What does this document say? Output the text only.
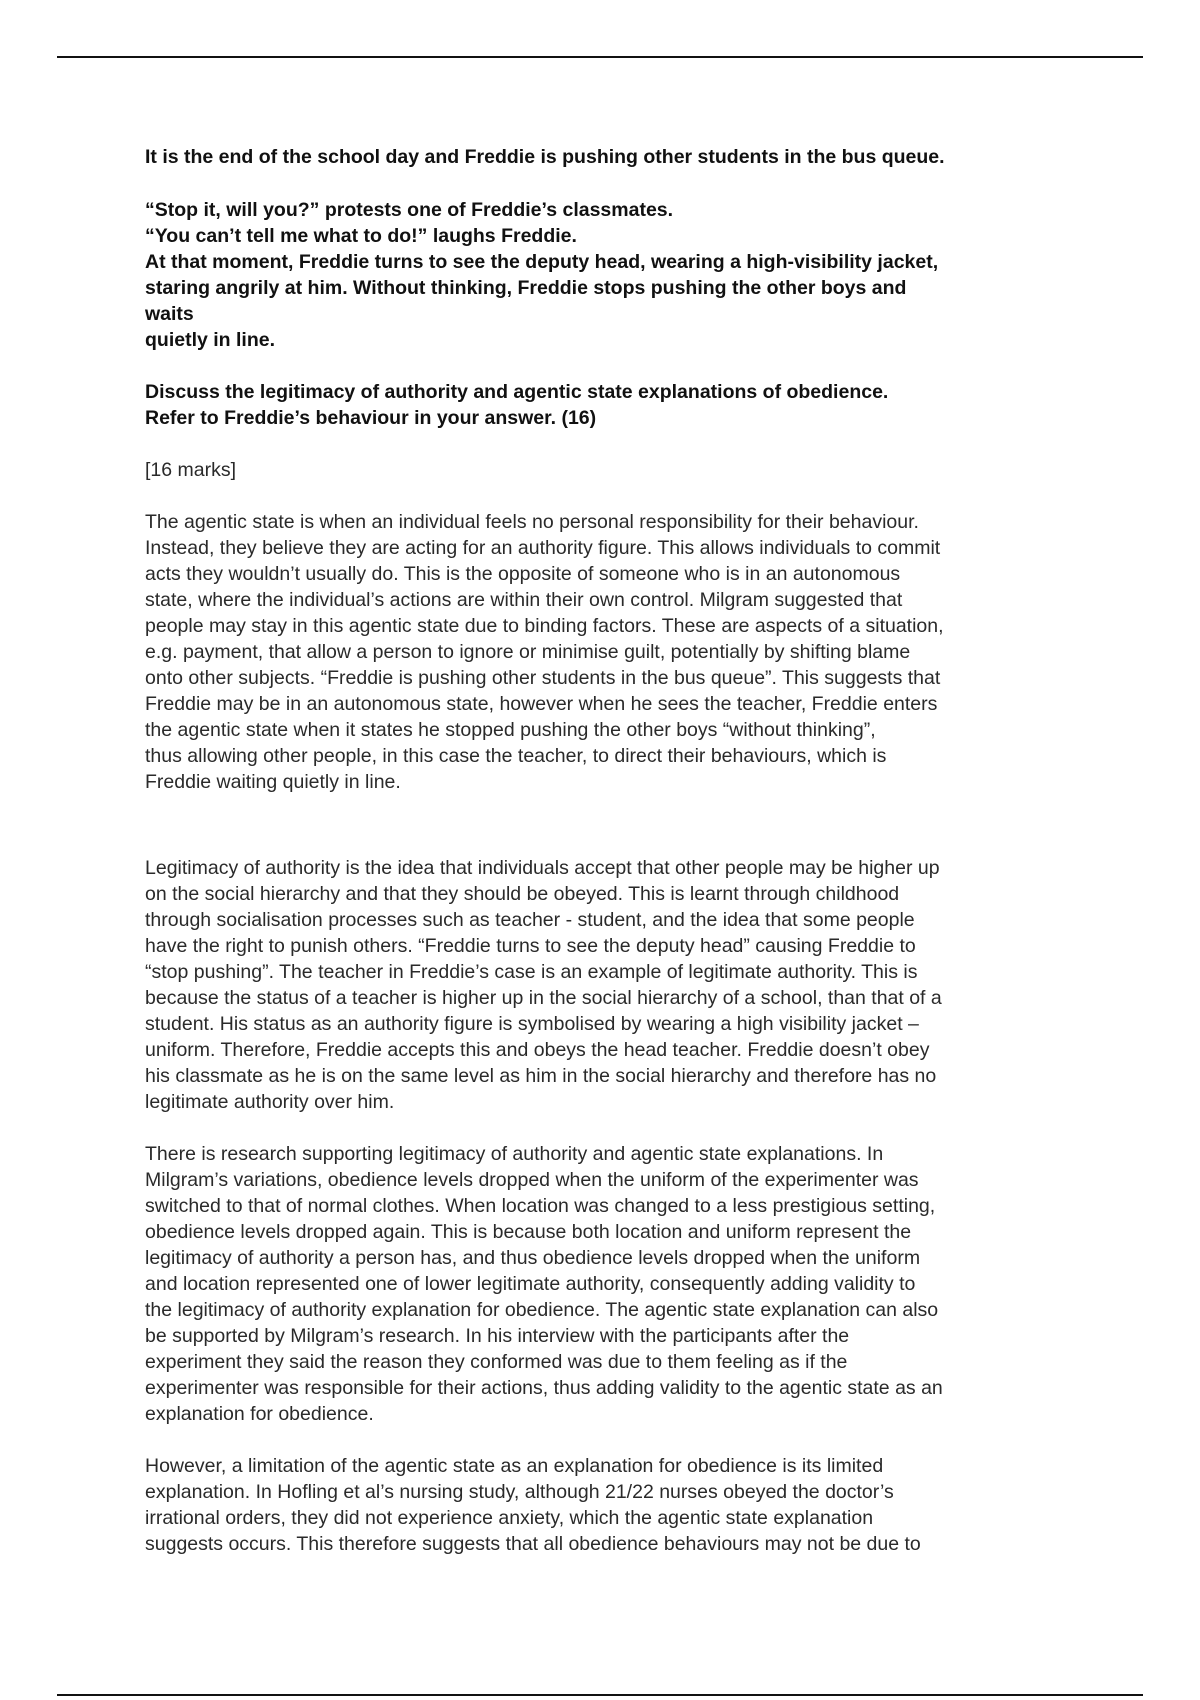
It is the end of the school day and Freddie is pushing other students in the bus queue.
“Stop it, will you?” protests one of Freddie’s classmates.
“You can’t tell me what to do!” laughs Freddie.
At that moment, Freddie turns to see the deputy head, wearing a high-visibility jacket,
staring angrily at him. Without thinking, Freddie stops pushing the other boys and
waits
quietly in line.
Discuss the legitimacy of authority and agentic state explanations of obedience.
Refer to Freddie’s behaviour in your answer. (16)
[16 marks]
The agentic state is when an individual feels no personal responsibility for their behaviour.
Instead, they believe they are acting for an authority figure. This allows individuals to commit
acts they wouldn’t usually do. This is the opposite of someone who is in an autonomous
state, where the individual’s actions are within their own control. Milgram suggested that
people may stay in this agentic state due to binding factors. These are aspects of a situation,
e.g. payment, that allow a person to ignore or minimise guilt, potentially by shifting blame
onto other subjects. “Freddie is pushing other students in the bus queue”. This suggests that
Freddie may be in an autonomous state, however when he sees the teacher, Freddie enters
the agentic state when it states he stopped pushing the other boys “without thinking”,
thus allowing other people, in this case the teacher, to direct their behaviours, which is
Freddie waiting quietly in line.
Legitimacy of authority is the idea that individuals accept that other people may be higher up
on the social hierarchy and that they should be obeyed. This is learnt through childhood
through socialisation processes such as teacher - student, and the idea that some people
have the right to punish others. “Freddie turns to see the deputy head” causing Freddie to
“stop pushing”. The teacher in Freddie’s case is an example of legitimate authority. This is
because the status of a teacher is higher up in the social hierarchy of a school, than that of a
student. His status as an authority figure is symbolised by wearing a high visibility jacket –
uniform. Therefore, Freddie accepts this and obeys the head teacher. Freddie doesn’t obey
his classmate as he is on the same level as him in the social hierarchy and therefore has no
legitimate authority over him.
There is research supporting legitimacy of authority and agentic state explanations. In
Milgram’s variations, obedience levels dropped when the uniform of the experimenter was
switched to that of normal clothes. When location was changed to a less prestigious setting,
obedience levels dropped again. This is because both location and uniform represent the
legitimacy of authority a person has, and thus obedience levels dropped when the uniform
and location represented one of lower legitimate authority, consequently adding validity to
the legitimacy of authority explanation for obedience. The agentic state explanation can also
be supported by Milgram’s research. In his interview with the participants after the
experiment they said the reason they conformed was due to them feeling as if the
experimenter was responsible for their actions, thus adding validity to the agentic state as an
explanation for obedience.
However, a limitation of the agentic state as an explanation for obedience is its limited
explanation. In Hofling et al’s nursing study, although 21/22 nurses obeyed the doctor’s
irrational orders, they did not experience anxiety, which the agentic state explanation
suggests occurs. This therefore suggests that all obedience behaviours may not be due to
